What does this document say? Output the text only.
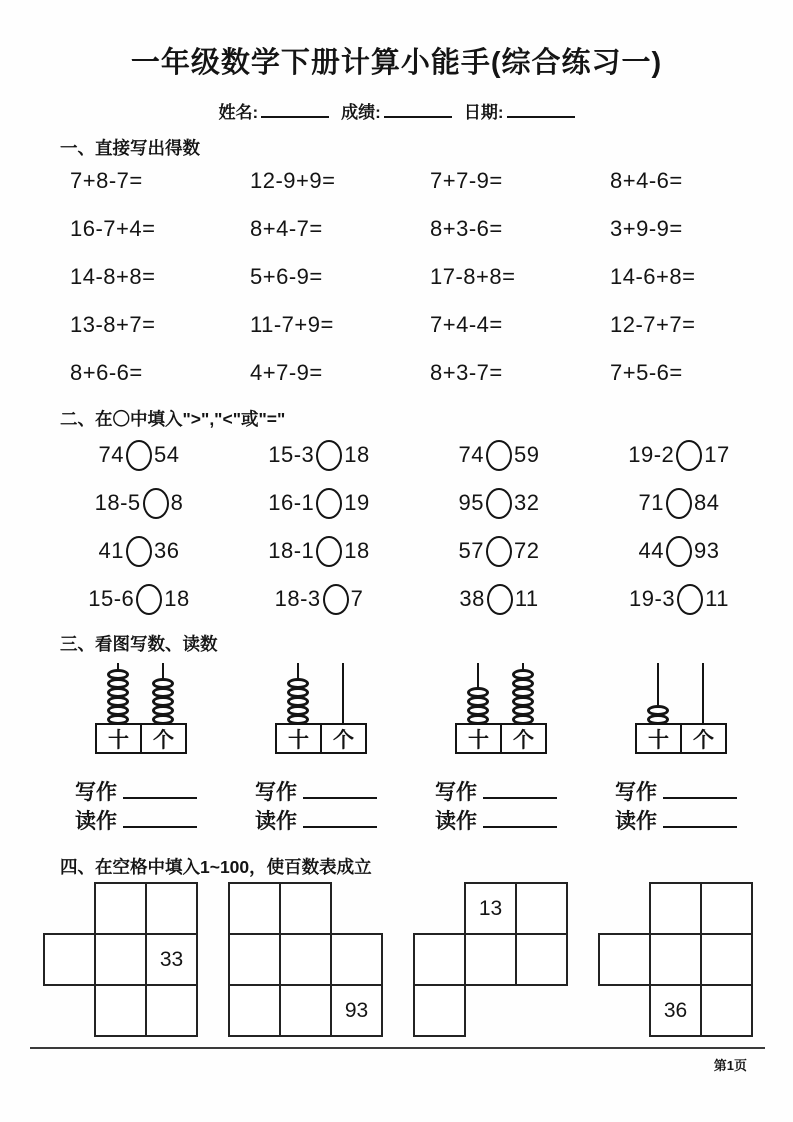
一年级数学下册计算小能手(综合练习一)
姓名:	成绩:	日期:
一、直接写出得数
7+8-7=	12-9+9=	7+7-9=	8+4-6=
16-7+4=	8+4-7=	8+3-6=	3+9-9=
14-8+8=	5+6-9=	17-8+8=	14-6+8=
13-8+7=	11-7+9=	7+4-4=	12-7+7=
8+6-6=	4+7-9=	8+3-7=	7+5-6=
二、在〇中填入">","<"或"="
74 54	15-3 18	74 59	19-2 17
18-5 8	16-1 19	95 32	71 84
41 36	18-1 18	57 72	44 93
15-6 18	18-3 7	38 11	19-3 11
三、看图写数、读数
十	个	十	个	十	个	十	个
写作
读作
写作
读作
写作
读作
写作
读作
四、在空格中填入1~100，使百数表成立
33
93
13
36
第1页
